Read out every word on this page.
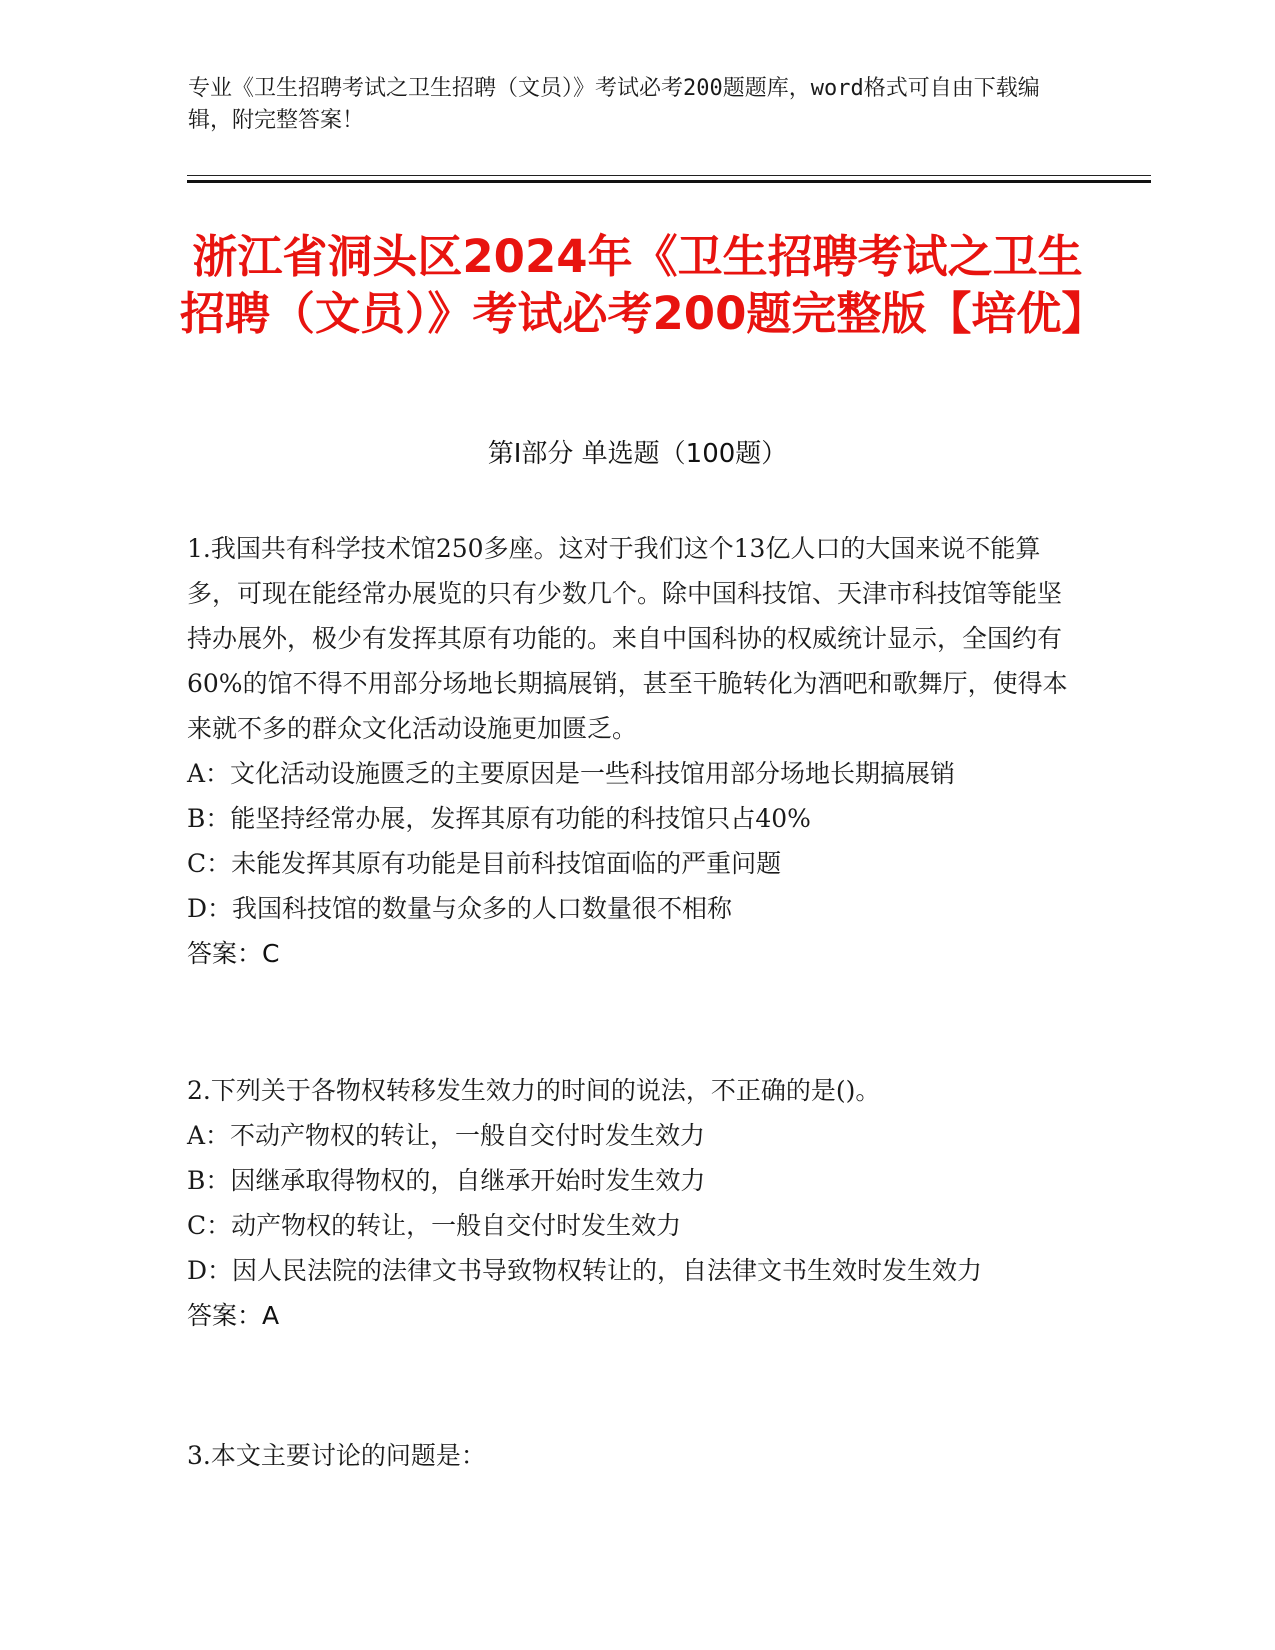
专业《卫生招聘考试之卫生招聘（文员）》考试必考200题题库，word格式可自由下载编辑，附完整答案！
浙江省洞头区2024年《卫生招聘考试之卫生招聘（文员）》考试必考200题完整版【培优】
第Ⅰ部分 单选题（100题）

1.我国共有科学技术馆250多座。这对于我们这个13亿人口的大国来说不能算多，可现在能经常办展览的只有少数几个。除中国科技馆、天津市科技馆等能坚持办展外，极少有发挥其原有功能的。来自中国科协的权威统计显示，全国约有60%的馆不得不用部分场地长期搞展销，甚至干脆转化为酒吧和歌舞厅，使得本来就不多的群众文化活动设施更加匮乏。

A：文化活动设施匮乏的主要原因是一些科技馆用部分场地长期搞展销

B：能坚持经常办展，发挥其原有功能的科技馆只占40%

C：未能发挥其原有功能是目前科技馆面临的严重问题

D：我国科技馆的数量与众多的人口数量很不相称

答案：C

2.下列关于各物权转移发生效力的时间的说法，不正确的是()。

A：不动产物权的转让，一般自交付时发生效力

B：因继承取得物权的，自继承开始时发生效力

C：动产物权的转让，一般自交付时发生效力

D：因人民法院的法律文书导致物权转让的，自法律文书生效时发生效力

答案：A

3.本文主要讨论的问题是：
